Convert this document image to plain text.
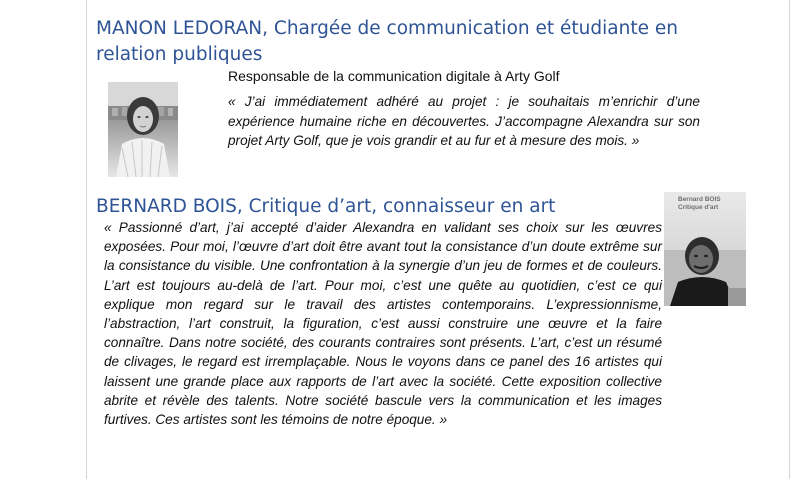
MANON LEDORAN, Chargée de communication et étudiante en relation publiques
Responsable de la communication digitale à Arty Golf

« J’ai immédiatement adhéré au projet : je souhaitais m’enrichir d’une expérience humaine riche en découvertes. J’accompagne Alexandra sur son projet Arty Golf, que je vois grandir et au fur et à mesure des mois. »

BERNARD BOIS, Critique d’art, connaisseur en art	Bernard BOIS
Critique d'art

« Passionné d’art, j’ai accepté d’aider Alexandra en validant ses choix sur les œuvres exposées. Pour moi, l’œuvre d’art doit être avant tout la consistance d’un doute extrême sur la consistance du visible. Une confrontation à la synergie d’un jeu de formes et de couleurs. L’art est toujours au-delà de l’art. Pour moi, c’est une quête au quotidien, c’est ce qui explique mon regard sur le travail des artistes contemporains. L’expressionnisme, l’abstraction, l’art construit, la figuration, c’est aussi construire une œuvre et la faire connaître. Dans notre société, des courants contraires sont présents. L’art, c’est un résumé de clivages, le regard est irremplaçable. Nous le voyons dans ce panel des 16 artistes qui laissent une grande place aux rapports de l’art avec la société. Cette exposition collective abrite et révèle des talents. Notre société bascule vers la communication et les images furtives. Ces artistes sont les témoins de notre époque. »
